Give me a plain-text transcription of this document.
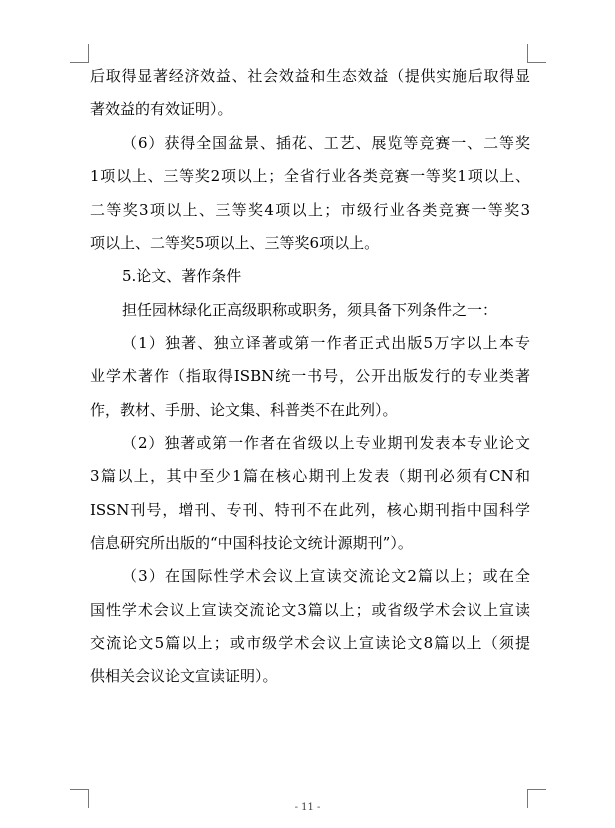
后取得显著经济效益、社会效益和生态效益（提供实施后取得显
著效益的有效证明）。
（6）获得全国盆景、插花、工艺、展览等竞赛一、二等奖
1项以上、三等奖2项以上；全省行业各类竞赛一等奖1项以上、
二等奖3项以上、三等奖4项以上；市级行业各类竞赛一等奖3
项以上、二等奖5项以上、三等奖6项以上。
5.论文、著作条件
担任园林绿化正高级职称或职务，须具备下列条件之一：
（1）独著、独立译著或第一作者正式出版5万字以上本专
业学术著作（指取得ISBN统一书号，公开出版发行的专业类著
作，教材、手册、论文集、科普类不在此列）。
（2）独著或第一作者在省级以上专业期刊发表本专业论文
3篇以上，其中至少1篇在核心期刊上发表（期刊必须有CN和
ISSN刊号，增刊、专刊、特刊不在此列，核心期刊指中国科学
信息研究所出版的“中国科技论文统计源期刊”）。
（3）在国际性学术会议上宣读交流论文2篇以上；或在全
国性学术会议上宣读交流论文3篇以上；或省级学术会议上宣读
交流论文5篇以上；或市级学术会议上宣读论文8篇以上（须提
供相关会议论文宣读证明）。
- 11 -
